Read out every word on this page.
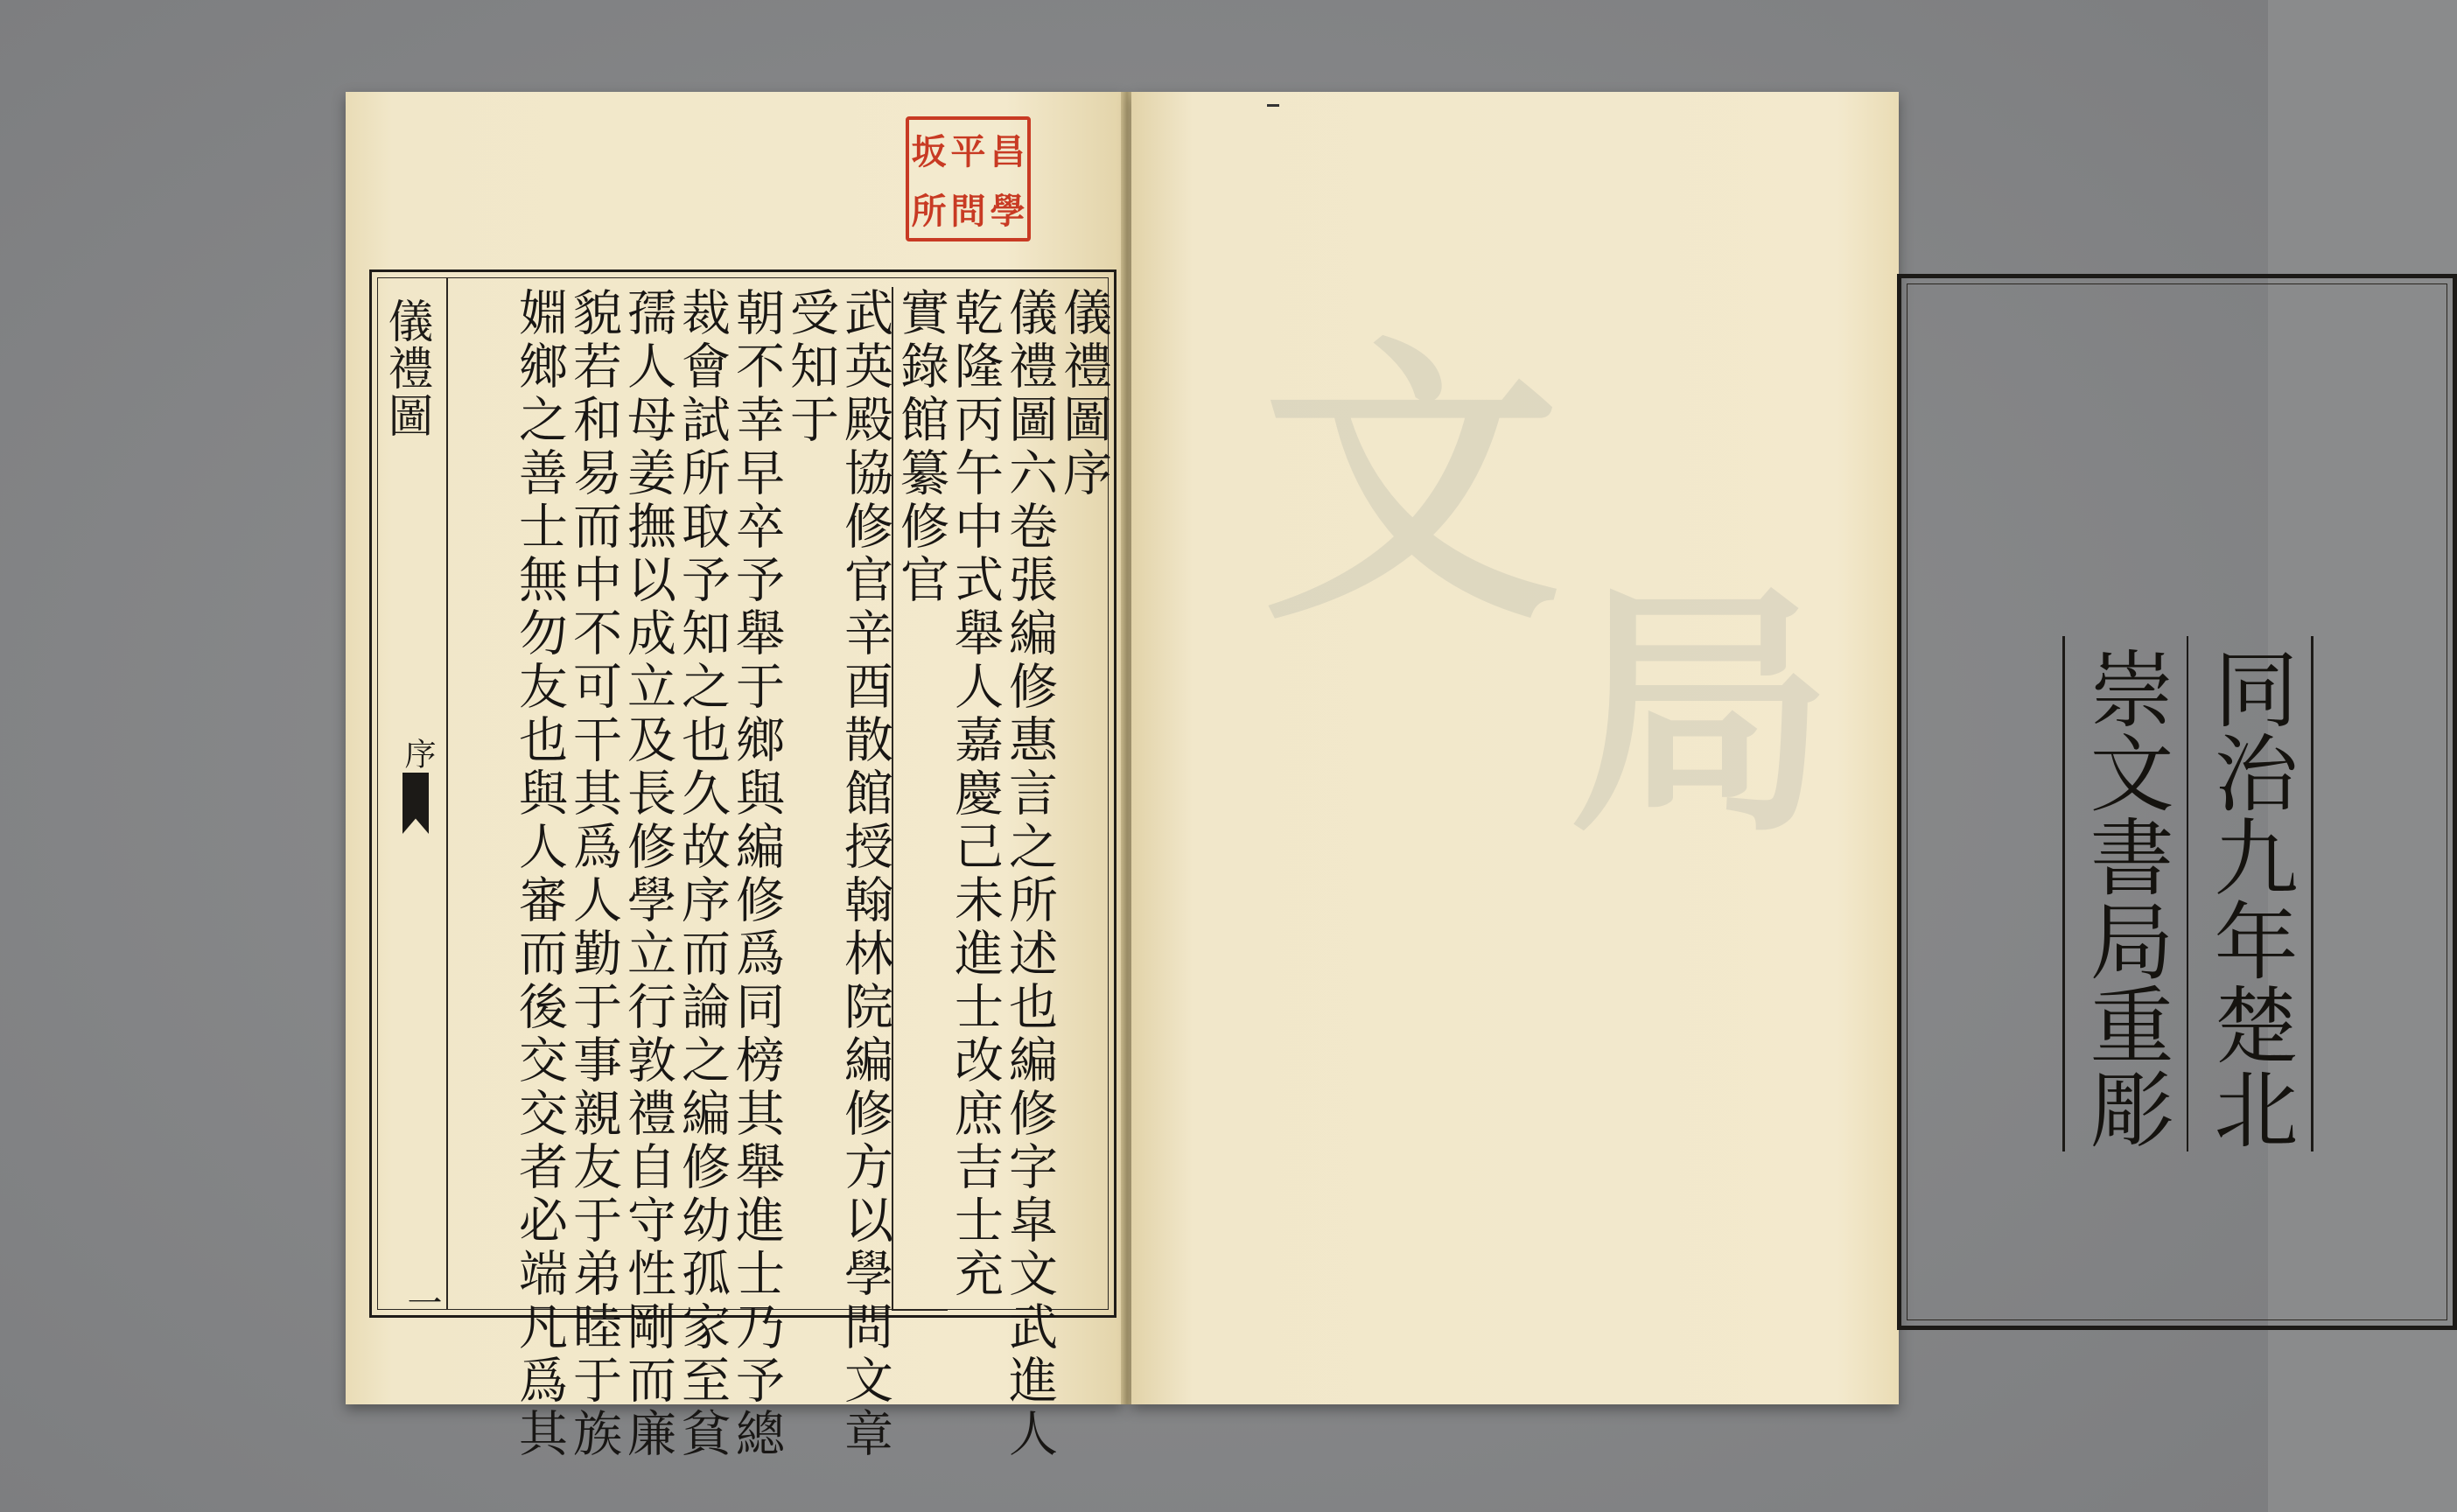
坂 平 昌
所 問 學
儀禮圖
序
一
儀禮圖序
儀禮圖六卷張編修惠言之所述也編修字皐文武進人
乾隆丙午中式舉人嘉慶己未進士改庶吉士充
實錄館纂修官
武英殿協修官辛酉散館授翰林院編修方以學問文章
受知于
朝不幸早卒予舉于鄉與編修爲同榜其舉進士乃予總
裁會試所取予知之也久故序而論之編修幼孤家至貧
孺人母姜撫以成立及長修學立行敦禮自守性剛而廉
貌若和易而中不可干其爲人勤于事親友于弟睦于族
婣鄉之善士無勿友也與人審而後交交者必端凡爲其 文
局	同治九年楚北
崇文書局重彫
